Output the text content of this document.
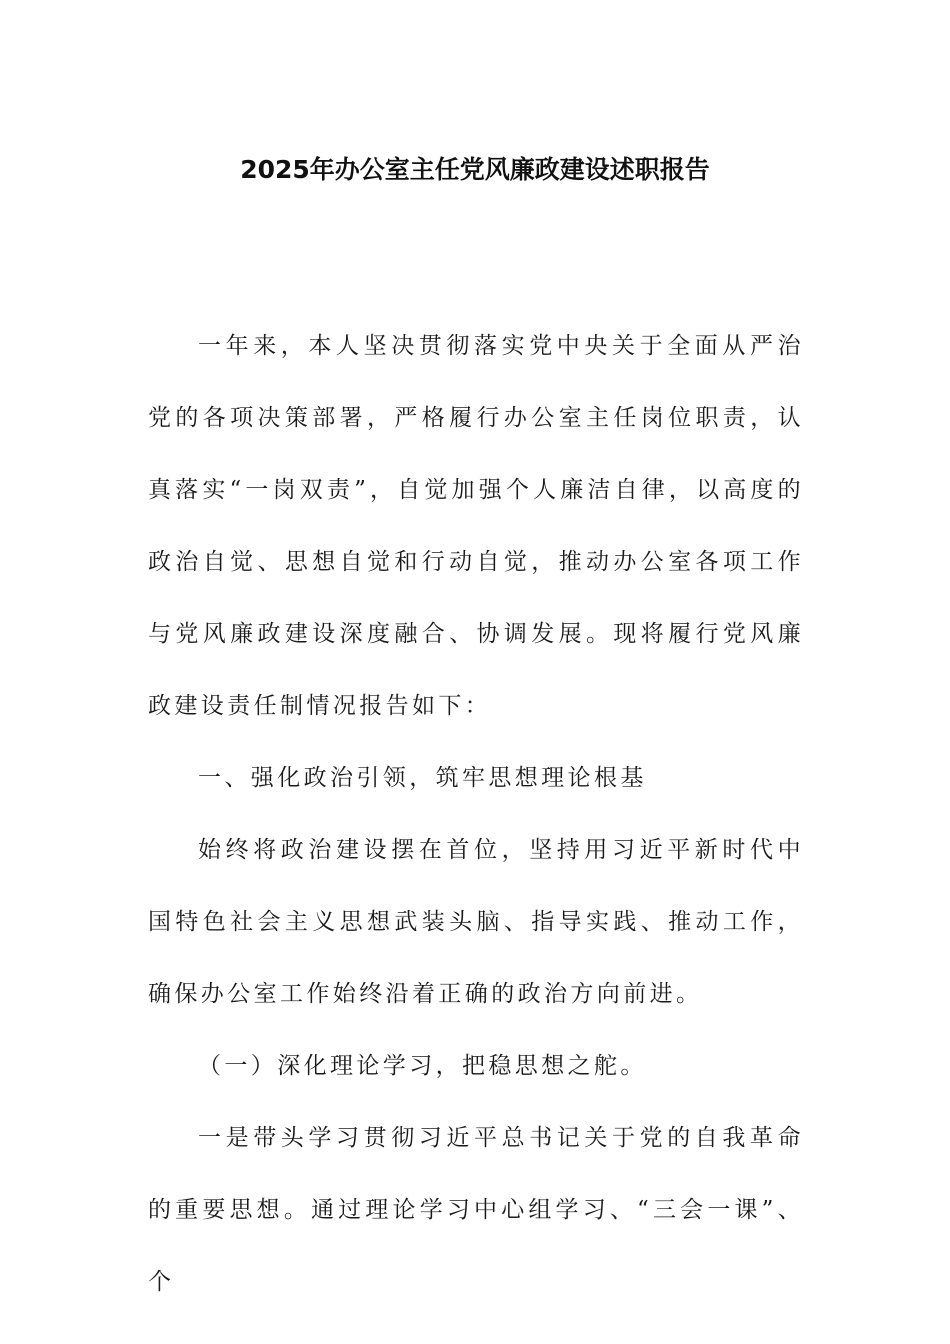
2025年办公室主任党风廉政建设述职报告

一年来，本人坚决贯彻落实党中央关于全面从严治党的各项决策部署，严格履行办公室主任岗位职责，认真落实“一岗双责”，自觉加强个人廉洁自律，以高度的政治自觉、思想自觉和行动自觉，推动办公室各项工作与党风廉政建设深度融合、协调发展。现将履行党风廉政建设责任制情况报告如下：

一、强化政治引领，筑牢思想理论根基

始终将政治建设摆在首位，坚持用习近平新时代中国特色社会主义思想武装头脑、指导实践、推动工作，确保办公室工作始终沿着正确的政治方向前进。

（一）深化理论学习，把稳思想之舵。

一是带头学习贯彻习近平总书记关于党的自我革命的重要思想。通过理论学习中心组学习、“三会一课”、个
